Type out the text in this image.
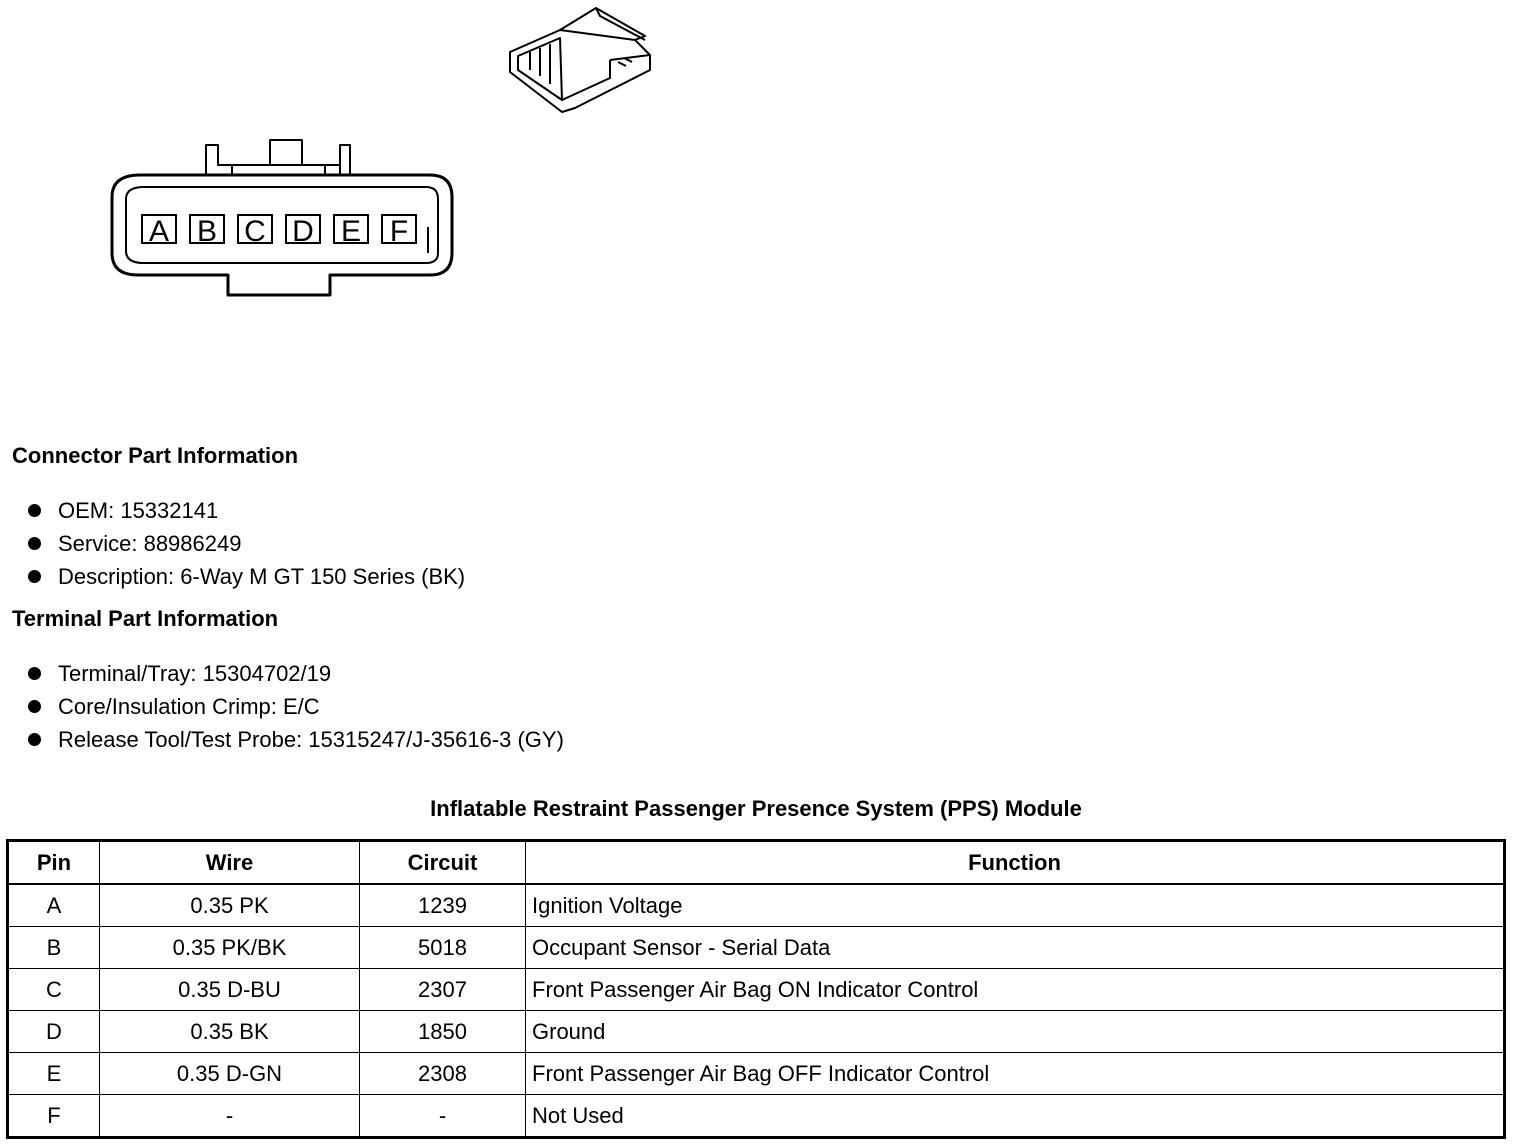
A B C D E F
Connector Part Information
OEM: 15332141
Service: 88986249
Description: 6-Way M GT 150 Series (BK)
Terminal Part Information
Terminal/Tray: 15304702/19
Core/Insulation Crimp: E/C
Release Tool/Test Probe: 15315247/J-35616-3 (GY)
Inflatable Restraint Passenger Presence System (PPS) Module
Pin	Wire	Circuit	Function
A	0.35 PK	1239	Ignition Voltage
B	0.35 PK/BK	5018	Occupant Sensor - Serial Data
C	0.35 D-BU	2307	Front Passenger Air Bag ON Indicator Control
D	0.35 BK	1850	Ground
E	0.35 D-GN	2308	Front Passenger Air Bag OFF Indicator Control
F	-	-	Not Used
